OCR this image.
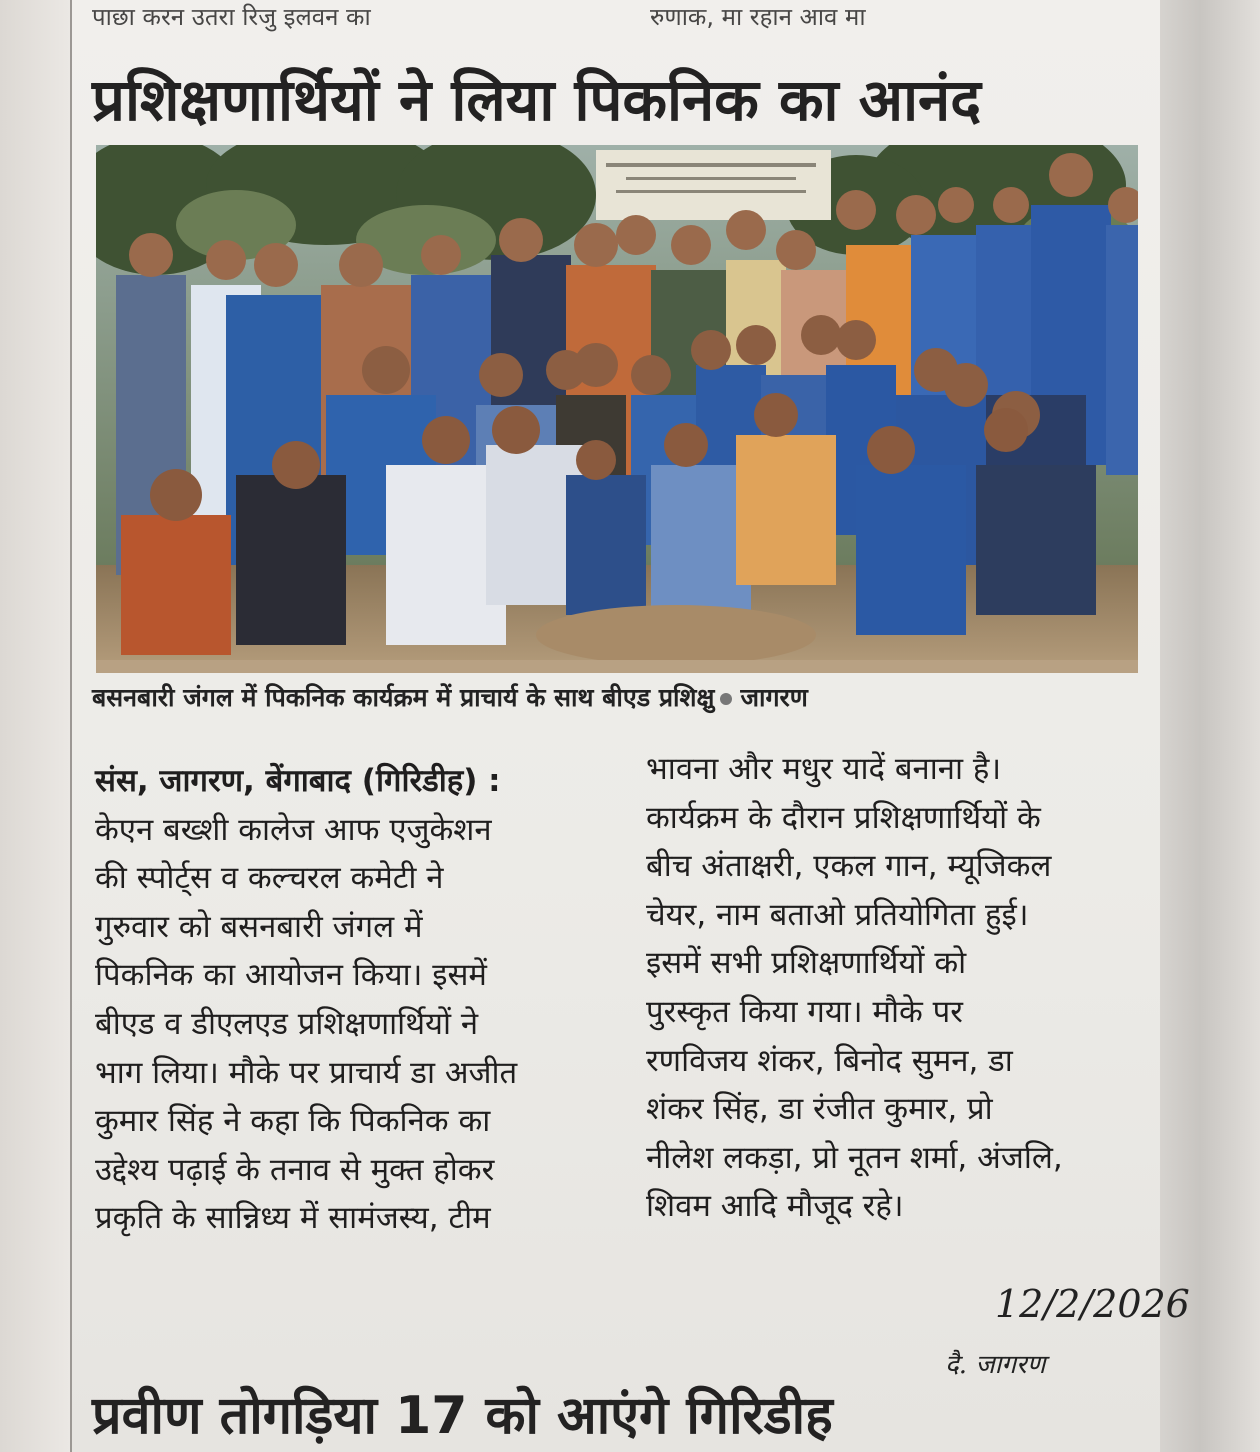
पाछा करन उतरा रिजु इलवन का	रुणाक, मा रहान आव मा
प्रशिक्षणार्थियों ने लिया पिकनिक का आनंद
बसनबारी जंगल में पिकनिक कार्यक्रम में प्राचार्य के साथ बीएड प्रशिक्षु जागरण
संस, जागरण, बेंगाबाद (गिरिडीह) :
केएन बख्शी कालेज आफ एजुकेशन
की स्पोर्ट्स व कल्चरल कमेटी ने
गुरुवार को बसनबारी जंगल में
पिकनिक का आयोजन किया। इसमें
बीएड व डीएलएड प्रशिक्षणार्थियों ने
भाग लिया। मौके पर प्राचार्य डा अजीत
कुमार सिंह ने कहा कि पिकनिक का
उद्देश्य पढ़ाई के तनाव से मुक्त होकर
प्रकृति के सान्निध्य में सामंजस्य, टीम
भावना और मधुर यादें बनाना है।
कार्यक्रम के दौरान प्रशिक्षणार्थियों के
बीच अंताक्षरी, एकल गान, म्यूजिकल
चेयर, नाम बताओ प्रतियोगिता हुई।
इसमें सभी प्रशिक्षणार्थियों को
पुरस्कृत किया गया। मौके पर
रणविजय शंकर, बिनोद सुमन, डा
शंकर सिंह, डा रंजीत कुमार, प्रो
नीलेश लकड़ा, प्रो नूतन शर्मा, अंजलि,
शिवम आदि मौजूद रहे।
12/2/2026
दै. जागरण
प्रवीण तोगड़िया 17 को आएंगे गिरिडीह
